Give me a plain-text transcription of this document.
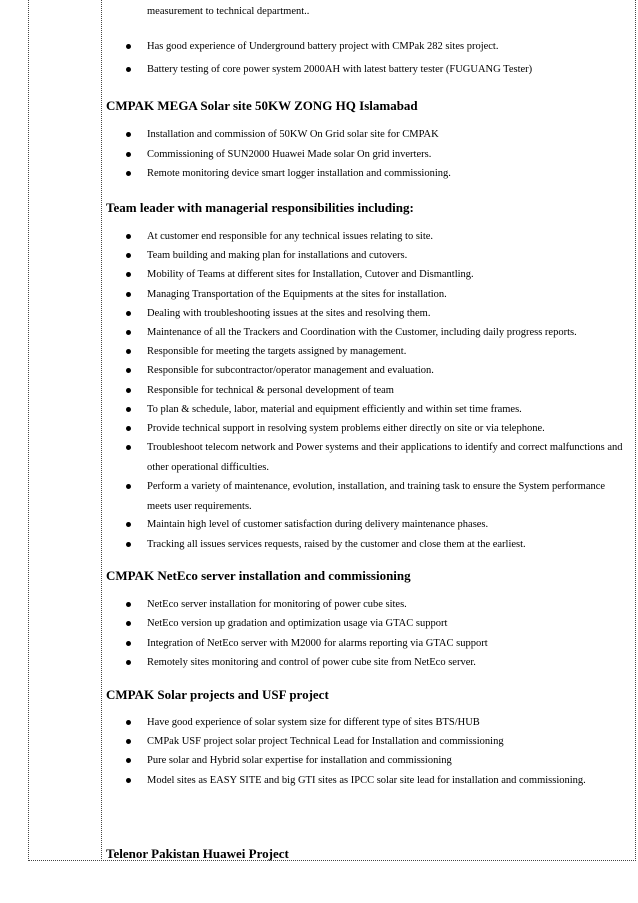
measurement to technical department..
Has good experience of Underground battery project with CMPak 282 sites project.
Battery testing of core power system 2000AH with latest battery tester (FUGUANG Tester)
CMPAK MEGA Solar site 50KW ZONG HQ Islamabad
Installation and commission of 50KW On Grid solar site for CMPAK
Commissioning of SUN2000 Huawei Made solar On grid inverters.
Remote monitoring device smart logger installation and commissioning.
Team leader with managerial responsibilities including:
At customer end responsible for any technical issues relating to site.
Team building and making plan for installations and cutovers.
Mobility of Teams at different sites for Installation, Cutover and Dismantling.
Managing Transportation of the Equipments at the sites for installation.
Dealing with troubleshooting issues at the sites and resolving them.
Maintenance of all the Trackers and Coordination with the Customer, including daily progress reports.
Responsible for meeting the targets assigned by management.
Responsible for subcontractor/operator management and evaluation.
Responsible for technical & personal development of team
To plan & schedule, labor, material and equipment efficiently and within set time frames.
Provide technical support in resolving system problems either directly on site or via telephone.
Troubleshoot telecom network and Power systems and their applications to identify and correct malfunctions and other operational difficulties.
Perform a variety of maintenance, evolution, installation, and training task to ensure the System performance meets user requirements.
Maintain high level of customer satisfaction during delivery maintenance phases.
Tracking all issues services requests, raised by the customer and close them at the earliest.
CMPAK NetEco server installation and commissioning
NetEco server installation for monitoring of power cube sites.
NetEco version up gradation and optimization usage via GTAC support
Integration of NetEco server with M2000 for alarms reporting via GTAC support
Remotely sites monitoring and control of power cube site from NetEco server.
CMPAK Solar projects and USF project
Have good experience of solar system size for different type of sites BTS/HUB
CMPak USF project solar project Technical Lead for Installation and commissioning
Pure solar and Hybrid solar expertise for installation and commissioning
Model sites as EASY SITE and big GTI sites as IPCC solar site lead for installation and commissioning.
Telenor Pakistan Huawei Project
